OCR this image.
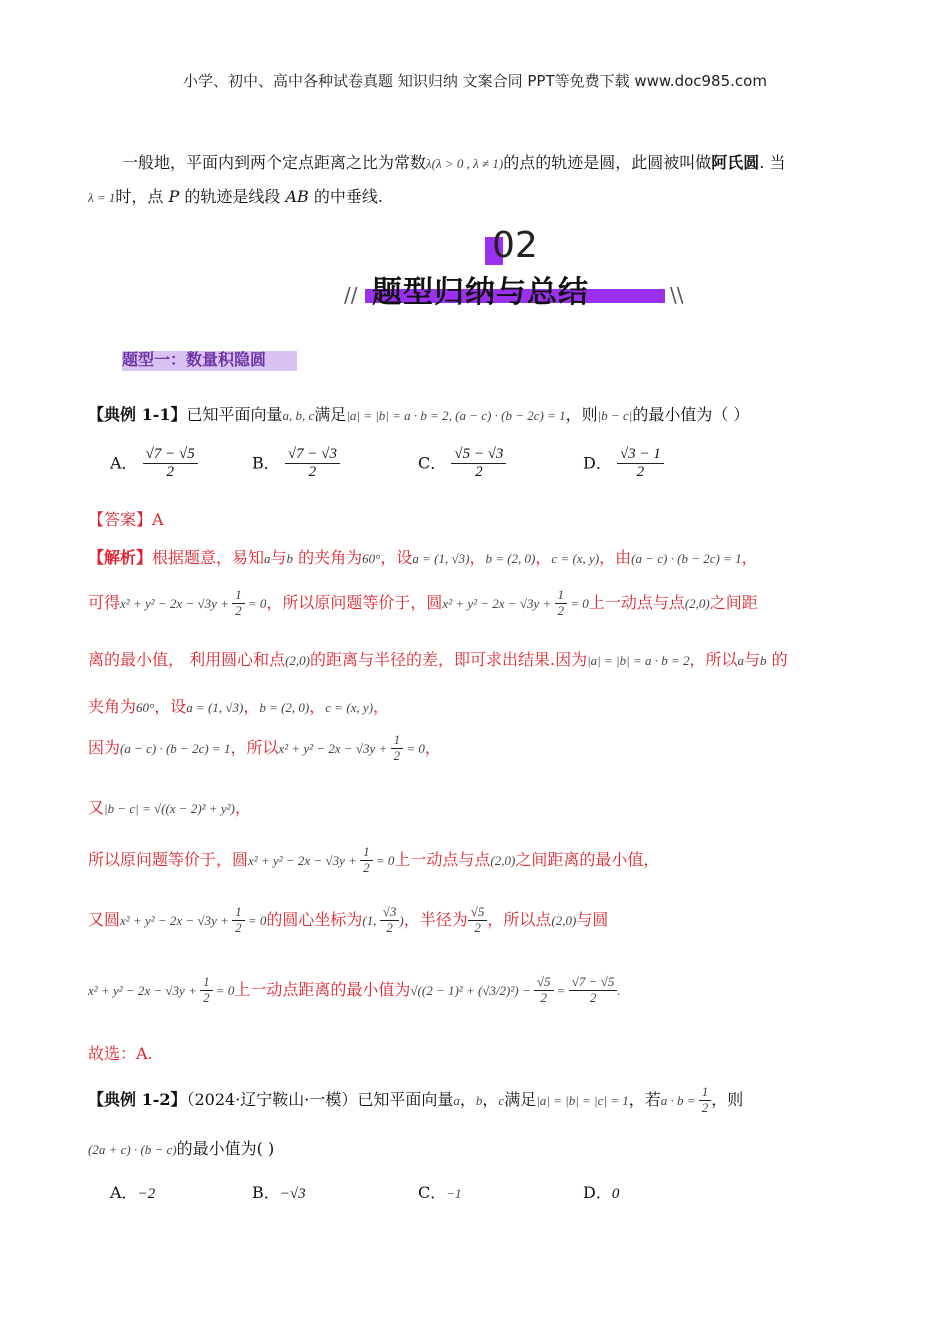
小学、初中、高中各种试卷真题 知识归纳 文案合同 PPT等免费下载 www.doc985.com
一般地，平面内到两个定点距离之比为常数λ(λ > 0 , λ ≠ 1)的点的轨迹是圆，此圆被叫做阿氏圆. 当
λ = 1时，点 P 的轨迹是线段 AB 的中垂线.
02
题型归纳与总结
//	\\
题型一：数量积隐圆
【典例 1-1】已知平面向量a, b, c满足|a| = |b| = a · b = 2, (a − c) · (b − 2c) = 1，则|b − c|的最小值为（ ）
A． $\frac{√7 - √5}{2}$	B． $\frac{√7 - √3}{2}$	C． $\frac{√5 - √3}{2}$	D． $\frac{√3 - 1}{2}$
【答案】A
【解析】根据题意，易知a与b 的夹角为60°，设a = (1, √3)，b = (2, 0)，c = (x, y)，由(a − c) · (b − 2c) = 1，
可得$x^2 + y^2 - 2x - √3y + \frac{1}{2} = 0$，所以原问题等价于，圆$x^2 + y^2 - 2x - √3y + \frac{1}{2} = 0$上一动点与点(2,0)之间距
离的最小值， 利用圆心和点(2,0)的距离与半径的差，即可求出结果.因为|a| = |b| = a · b = 2，所以a与b 的
夹角为60°，设a = (1, √3)，b = (2, 0)，c = (x, y)，
因为(a − c) · (b − 2c) = 1，所以$x^2 + y^2 - 2x - √3y + \frac{1}{2} = 0$，
又|b − c| = √((x − 2)² + y²)，
所以原问题等价于，圆$x^2 + y^2 - 2x - √3y + \frac{1}{2} = 0$上一动点与点(2,0)之间距离的最小值，
又圆$x^2 + y^2 - 2x - √3y + \frac{1}{2} = 0$的圆心坐标为(1, $\frac{√3}{2}$ )，半径为 $\frac{√5}{2}$ ，所以点(2,0)与圆
$x^2 + y^2 - 2x - √3y + \frac{1}{2} = 0$上一动点距离的最小值为$√((2 - 1)^2 + (√3/2)^2) - \frac{√5}{2} = \frac{√7 - √5}{2}$ .
故选：A.
【典例 1-2】（2024·辽宁鞍山·一模）已知平面向量a，b，c满足|a| = |b| = |c| = 1，若$a \cdot b = \frac{1}{2}$ ，则
(2a + c) · (b − c)的最小值为( )
A．−2	B．−√3	C．−1	D．0
